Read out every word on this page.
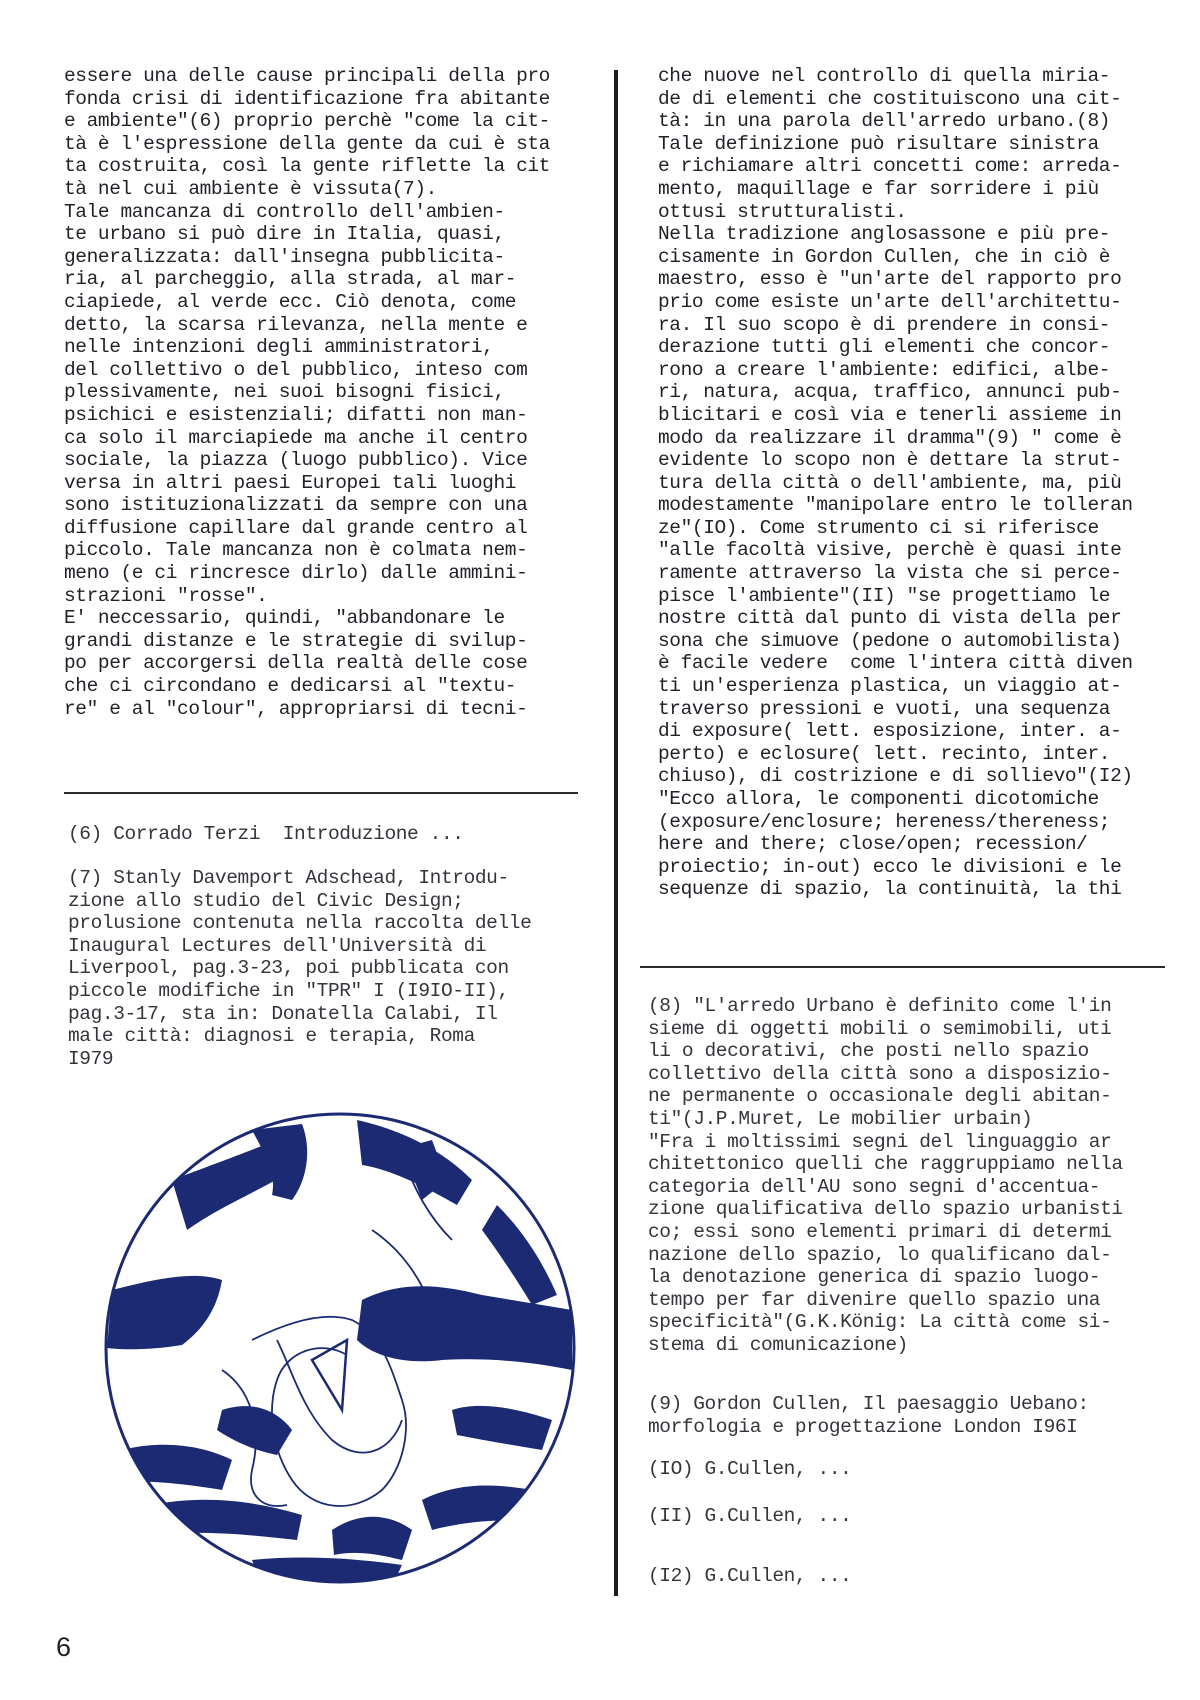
essere una delle cause principali della pro
fonda crisi di identificazione fra abitante
e ambiente"(6) proprio perchè "come la cit-
tà è l'espressione della gente da cui è sta
ta costruita, così la gente riflette la cit
tà nel cui ambiente è vissuta(7).
Tale mancanza di controllo dell'ambien-
te urbano si può dire in Italia, quasi,
generalizzata: dall'insegna pubblicita-
ria, al parcheggio, alla strada, al mar-
ciapiede, al verde ecc. Ciò denota, come
detto, la scarsa rilevanza, nella mente e
nelle intenzioni degli amministratori,
del collettivo o del pubblico, inteso com
plessivamente, nei suoi bisogni fisici,
psichici e esistenziali; difatti non man-
ca solo il marciapiede ma anche il centro
sociale, la piazza (luogo pubblico). Vice
versa in altri paesi Europei tali luoghi
sono istituzionalizzati da sempre con una
diffusione capillare dal grande centro al
piccolo. Tale mancanza non è colmata nem-
meno (e ci rincresce dirlo) dalle ammini-
strazioni "rosse".
E' neccessario, quindi, "abbandonare le
grandi distanze e le strategie di svilup-
po per accorgersi della realtà delle cose
che ci circondano e dedicarsi al "textu-
re" e al "colour", appropriarsi di tecni-
che nuove nel controllo di quella miria-
de di elementi che costituiscono una cit-
tà: in una parola dell'arredo urbano.(8)
Tale definizione può risultare sinistra
e richiamare altri concetti come: arreda-
mento, maquillage e far sorridere i più
ottusi strutturalisti.
Nella tradizione anglosassone e più pre-
cisamente in Gordon Cullen, che in ciò è
maestro, esso è "un'arte del rapporto pro
prio come esiste un'arte dell'architettu-
ra. Il suo scopo è di prendere in consi-
derazione tutti gli elementi che concor-
rono a creare l'ambiente: edifici, albe-
ri, natura, acqua, traffico, annunci pub-
blicitari e così via e tenerli assieme in
modo da realizzare il dramma"(9) " come è
evidente lo scopo non è dettare la strut-
tura della città o dell'ambiente, ma, più
modestamente "manipolare entro le tolleran
ze"(IO). Come strumento ci si riferisce
"alle facoltà visive, perchè è quasi inte
ramente attraverso la vista che si perce-
pisce l'ambiente"(II) "se progettiamo le
nostre città dal punto di vista della per
sona che simuove (pedone o automobilista)
è facile vedere  come l'intera città diven
ti un'esperienza plastica, un viaggio at-
traverso pressioni e vuoti, una sequenza
di exposure( lett. esposizione, inter. a-
perto) e eclosure( lett. recinto, inter.
chiuso), di costrizione e di sollievo"(I2)
"Ecco allora, le componenti dicotomiche
(exposure/enclosure; hereness/thereness;
here and there; close/open; recession/
proiectio; in-out) ecco le divisioni e le
sequenze di spazio, la continuità, la thi
(6) Corrado Terzi  Introduzione ...
(7) Stanly Davemport Adschead, Introdu-
zione allo studio del Civic Design;
prolusione contenuta nella raccolta delle
Inaugural Lectures dell'Università di
Liverpool, pag.3-23, poi pubblicata con
piccole modifiche in "TPR" I (I9IO-II),
pag.3-17, sta in: Donatella Calabi, Il
male città: diagnosi e terapia, Roma
I979
(8) "L'arredo Urbano è definito come l'in
sieme di oggetti mobili o semimobili, uti
li o decorativi, che posti nello spazio
collettivo della città sono a disposizio-
ne permanente o occasionale degli abitan-
ti"(J.P.Muret, Le mobilier urbain)
"Fra i moltissimi segni del linguaggio ar
chitettonico quelli che raggruppiamo nella
categoria dell'AU sono segni d'accentua-
zione qualificativa dello spazio urbanisti
co; essi sono elementi primari di determi
nazione dello spazio, lo qualificano dal-
la denotazione generica di spazio luogo-
tempo per far divenire quello spazio una
specificità"(G.K.König: La città come si-
stema di comunicazione)
(9) Gordon Cullen, Il paesaggio Uebano:
morfologia e progettazione London I96I
(IO) G.Cullen, ...
(II) G.Cullen, ...
(I2) G.Cullen, ...
6
